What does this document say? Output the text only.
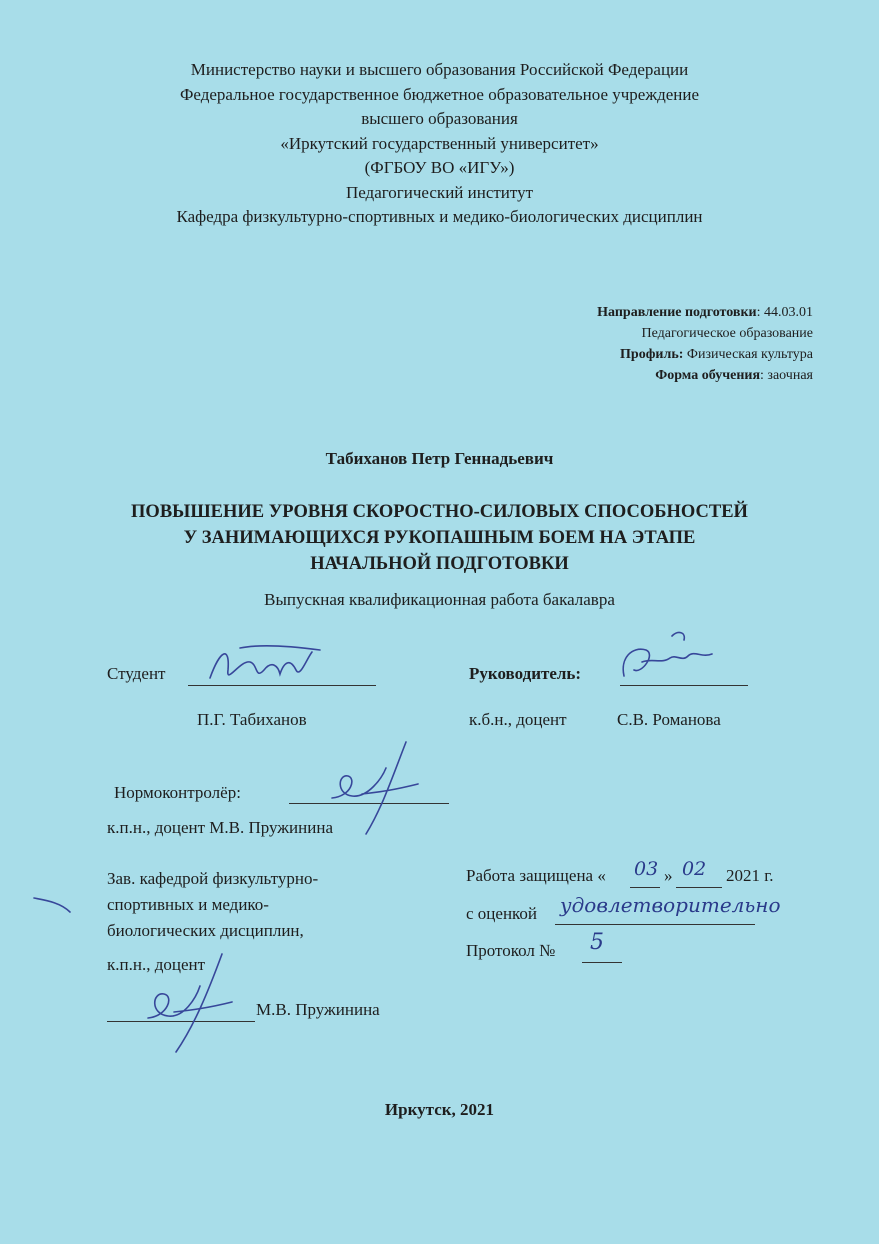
Министерство науки и высшего образования Российской Федерации
Федеральное государственное бюджетное образовательное учреждение
высшего образования
«Иркутский государственный университет»
(ФГБОУ ВО «ИГУ»)
Педагогический институт
Кафедра физкультурно-спортивных и медико-биологических дисциплин
Направление подготовки: 44.03.01
Педагогическое образование
Профиль: Физическая культура
Форма обучения: заочная
Табиханов Петр Геннадьевич
ПОВЫШЕНИЕ УРОВНЯ СКОРОСТНО-СИЛОВЫХ СПОСОБНОСТЕЙ
У ЗАНИМАЮЩИХСЯ РУКОПАШНЫМ БОЕМ НА ЭТАПЕ
НАЧАЛЬНОЙ ПОДГОТОВКИ
Выпускная квалификационная работа бакалавра
Студент
П.Г. Табиханов
Руководитель:
к.б.н., доцент	С.В. Романова
Нормоконтролёр:
к.п.н., доцент М.В. Пружинина
Зав. кафедрой физкультурно-
спортивных и медико-
биологических дисциплин,
к.п.н., доцент
М.В. Пружинина
Работа защищена « 03 » 02 2021 г.
с оценкой удовлетворительно
Протокол № 5
Иркутск, 2021
